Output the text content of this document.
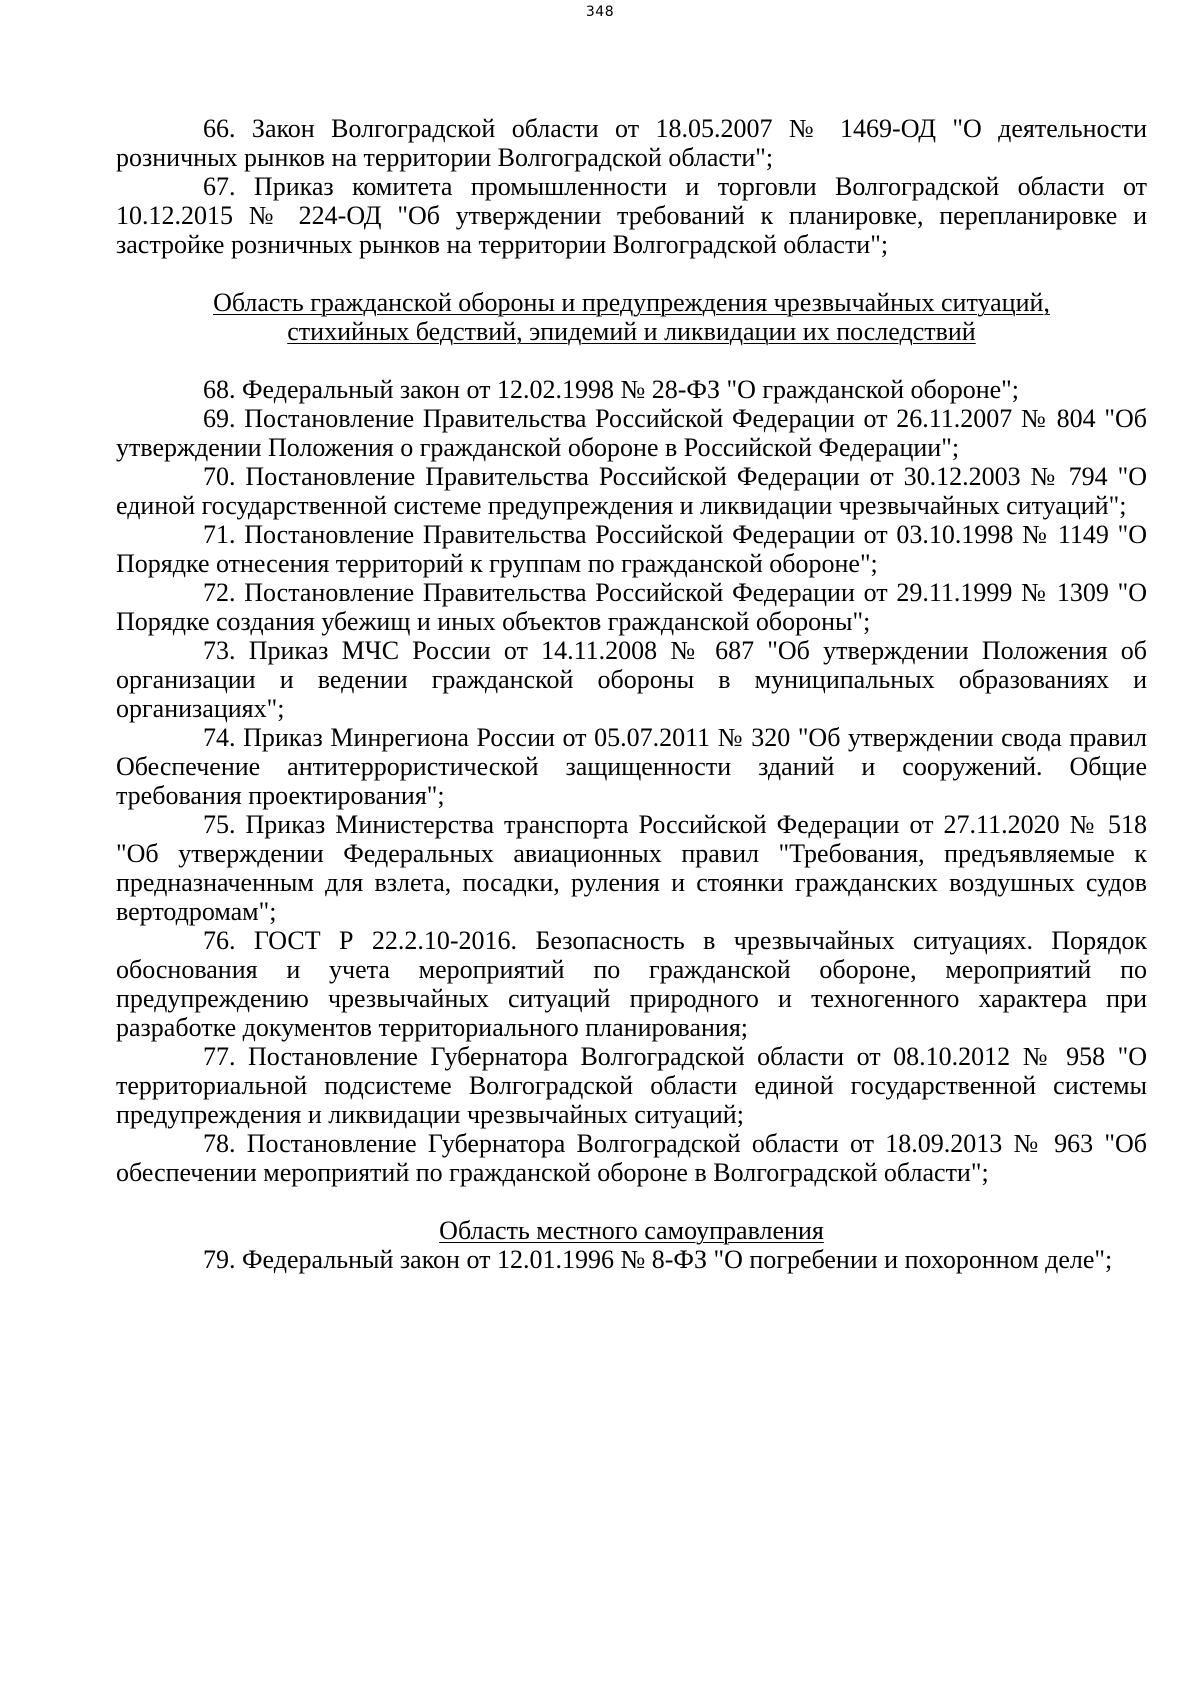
348

66. Закон Волгоградской области от 18.05.2007 № 1469-ОД "О деятельности розничных рынков на территории Волгоградской области";

67. Приказ комитета промышленности и торговли Волгоградской области от 10.12.2015 № 224-ОД "Об утверждении требований к планировке, перепланировке и застройке розничных рынков на территории Волгоградской области";

Область гражданской обороны и предупреждения чрезвычайных ситуаций,
стихийных бедствий, эпидемий и ликвидации их последствий

68. Федеральный закон от 12.02.1998 № 28-ФЗ "О гражданской обороне";

69. Постановление Правительства Российской Федерации от 26.11.2007 № 804 "Об утверждении Положения о гражданской обороне в Российской Федерации";

70. Постановление Правительства Российской Федерации от 30.12.2003 № 794 "О единой государственной системе предупреждения и ликвидации чрезвычайных ситуаций";

71. Постановление Правительства Российской Федерации от 03.10.1998 № 1149 "О Порядке отнесения территорий к группам по гражданской обороне";

72. Постановление Правительства Российской Федерации от 29.11.1999 № 1309 "О Порядке создания убежищ и иных объектов гражданской обороны";

73. Приказ МЧС России от 14.11.2008 № 687 "Об утверждении Положения об организации и ведении гражданской обороны в муниципальных образованиях и организациях";

74. Приказ Минрегиона России от 05.07.2011 № 320 "Об утверждении свода правил Обеспечение антитеррористической защищенности зданий и сооружений. Общие требования проектирования";

75. Приказ Министерства транспорта Российской Федерации от 27.11.2020 № 518 "Об утверждении Федеральных авиационных правил "Требования, предъявляемые к предназначенным для взлета, посадки, руления и стоянки гражданских воздушных судов вертодромам";

76. ГОСТ Р 22.2.10-2016. Безопасность в чрезвычайных ситуациях. Порядок обоснования и учета мероприятий по гражданской обороне, мероприятий по предупреждению чрезвычайных ситуаций природного и техногенного характера при разработке документов территориального планирования;

77. Постановление Губернатора Волгоградской области от 08.10.2012 № 958 "О территориальной подсистеме Волгоградской области единой государственной системы предупреждения и ликвидации чрезвычайных ситуаций;

78. Постановление Губернатора Волгоградской области от 18.09.2013 № 963 "Об обеспечении мероприятий по гражданской обороне в Волгоградской области";

Область местного самоуправления

79. Федеральный закон от 12.01.1996 № 8-ФЗ "О погребении и похоронном деле";
